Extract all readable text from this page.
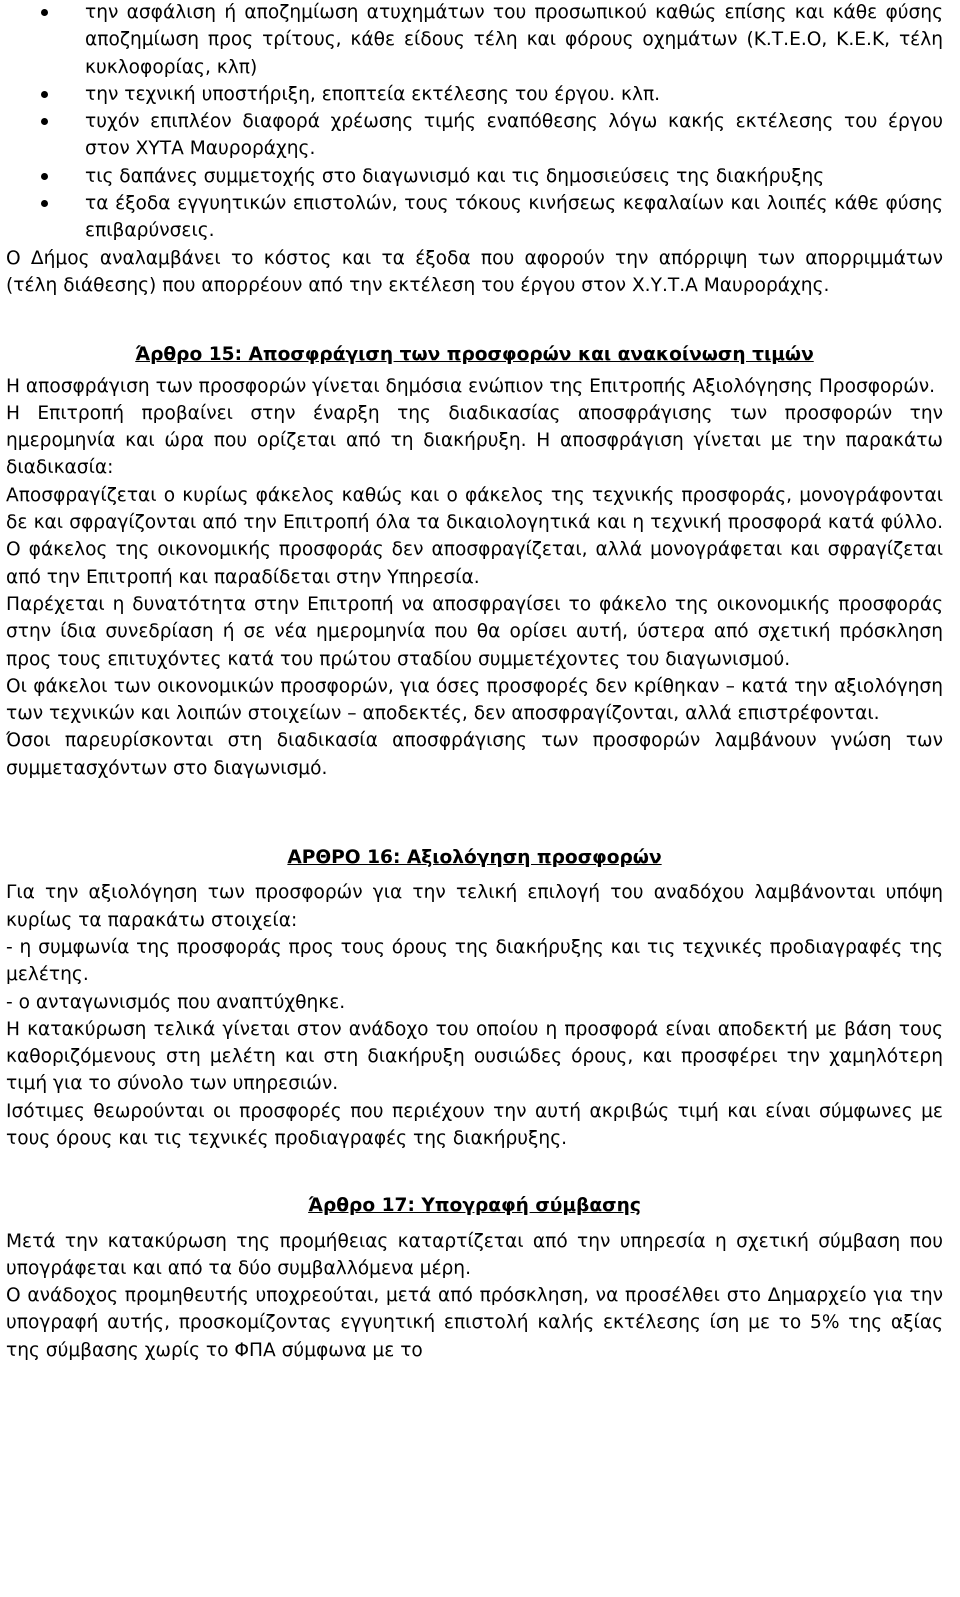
την ασφάλιση ή αποζημίωση ατυχημάτων του προσωπικού καθώς επίσης και κάθε φύσης αποζημίωση προς τρίτους, κάθε είδους τέλη και φόρους οχημάτων (Κ.Τ.Ε.Ο, Κ.Ε.Κ, τέλη κυκλοφορίας, κλπ)
την τεχνική υποστήριξη, εποπτεία εκτέλεσης του έργου. κλπ.
τυχόν επιπλέον διαφορά χρέωσης τιμής εναπόθεσης λόγω κακής εκτέλεσης του έργου στον ΧΥΤΑ Μαυροράχης.
τις δαπάνες συμμετοχής στο διαγωνισμό και τις δημοσιεύσεις της διακήρυξης
τα έξοδα εγγυητικών επιστολών, τους τόκους κινήσεως κεφαλαίων και λοιπές κάθε φύσης επιβαρύνσεις.

Ο Δήμος αναλαμβάνει το κόστος και τα έξοδα που αφορούν την απόρριψη των απορριμμάτων (τέλη διάθεσης) που απορρέουν από την εκτέλεση του έργου στον Χ.Υ.Τ.Α Μαυροράχης.

Άρθρο 15: Αποσφράγιση των προσφορών και ανακοίνωση τιμών

Η αποσφράγιση των προσφορών γίνεται δημόσια ενώπιον της Επιτροπής Αξιολόγησης Προσφορών.

Η Επιτροπή προβαίνει στην έναρξη της διαδικασίας αποσφράγισης των προσφορών την ημερομηνία και ώρα που ορίζεται από τη διακήρυξη. Η αποσφράγιση γίνεται με την παρακάτω διαδικασία:

Αποσφραγίζεται ο κυρίως φάκελος καθώς και ο φάκελος της τεχνικής προσφοράς, μονογράφονται δε και σφραγίζονται από την Επιτροπή όλα τα δικαιολογητικά και η τεχνική προσφορά κατά φύλλο. Ο φάκελος της οικονομικής προσφοράς δεν αποσφραγίζεται, αλλά μονογράφεται και σφραγίζεται από την Επιτροπή και παραδίδεται στην Υπηρεσία.

Παρέχεται η δυνατότητα στην Επιτροπή να αποσφραγίσει το φάκελο της οικονομικής προσφοράς στην ίδια συνεδρίαση ή σε νέα ημερομηνία που θα ορίσει αυτή, ύστερα από σχετική πρόσκληση προς τους επιτυχόντες κατά του πρώτου σταδίου συμμετέχοντες του διαγωνισμού.

Οι φάκελοι των οικονομικών προσφορών, για όσες προσφορές δεν κρίθηκαν – κατά την αξιολόγηση των τεχνικών και λοιπών στοιχείων – αποδεκτές, δεν αποσφραγίζονται, αλλά επιστρέφονται.

Όσοι παρευρίσκονται στη διαδικασία αποσφράγισης των προσφορών λαμβάνουν γνώση των συμμετασχόντων στο διαγωνισμό.

ΑΡΘΡΟ 16: Αξιολόγηση προσφορών

Για την αξιολόγηση των προσφορών για την τελική επιλογή του αναδόχου λαμβάνονται υπόψη κυρίως τα παρακάτω στοιχεία:

- η συμφωνία της προσφοράς προς τους όρους της διακήρυξης και τις τεχνικές προδιαγραφές της μελέτης.

- ο ανταγωνισμός που αναπτύχθηκε.

Η κατακύρωση τελικά γίνεται στον ανάδοχο του οποίου η προσφορά είναι αποδεκτή με βάση τους καθοριζόμενους στη μελέτη και στη διακήρυξη ουσιώδες όρους, και προσφέρει την χαμηλότερη τιμή για το σύνολο των υπηρεσιών.

Ισότιμες θεωρούνται οι προσφορές που περιέχουν την αυτή ακριβώς τιμή και είναι σύμφωνες με τους όρους και τις τεχνικές προδιαγραφές της διακήρυξης.

Άρθρο 17: Υπογραφή σύμβασης

Μετά την κατακύρωση της προμήθειας καταρτίζεται από την υπηρεσία η σχετική σύμβαση που υπογράφεται και από τα δύο συμβαλλόμενα μέρη.

Ο ανάδοχος προμηθευτής υποχρεούται, μετά από πρόσκληση, να προσέλθει στο Δημαρχείο για την υπογραφή αυτής, προσκομίζοντας εγγυητική επιστολή καλής εκτέλεσης ίση με το 5% της αξίας της σύμβασης χωρίς το ΦΠΑ σύμφωνα με το
